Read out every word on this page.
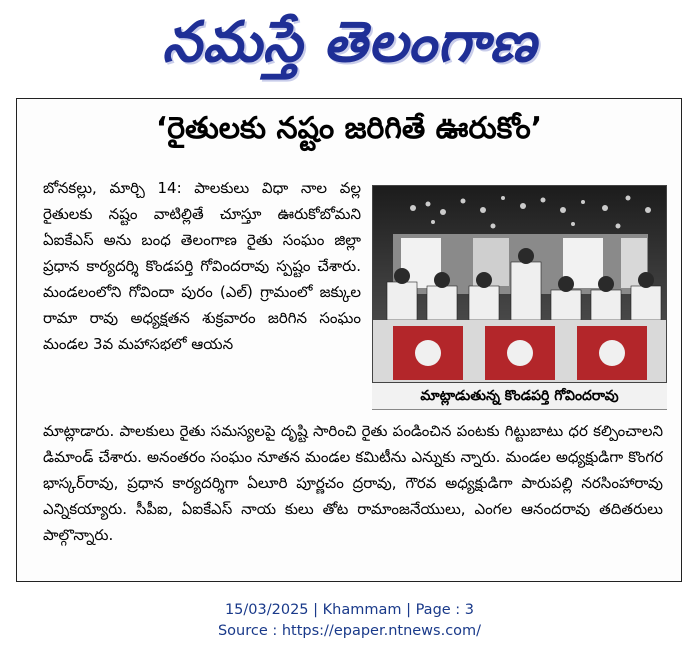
నమస్తే తెలంగాణ
‘రైతులకు నష్టం జరిగితే ఊరుకోం’
బోనకల్లు, మార్చి 14: పాలకులు విధా నాల వల్ల రైతులకు నష్టం వాటిల్లితే చూస్తూ ఊరుకోబోమని ఏఐకేఎస్ అను బంధ తెలంగాణ రైతు సంఘం జిల్లా ప్రధాన కార్యదర్శి కొండపర్తి గోవిందరావు స్పష్టం చేశారు. మండలంలోని గోవిందా పురం (ఎల్) గ్రామంలో జక్కుల రామా రావు అధ్యక్షతన శుక్రవారం జరిగిన సంఘం మండల 3వ మహాసభలో ఆయన
మాట్లాడుతున్న కొండపర్తి గోవిందరావు
మాట్లాడారు. పాలకులు రైతు సమస్యలపై దృష్టి సారించి రైతు పండించిన పంటకు గిట్టుబాటు ధర కల్పించాలని డిమాండ్ చేశారు. అనంతరం సంఘం నూతన మండల కమిటీను ఎన్నుకు న్నారు. మండల అధ్యక్షుడిగా కొంగర భాస్కర్‌రావు, ప్రధాన కార్యదర్శిగా ఏలూరి పూర్ణచం ద్రరావు, గౌరవ అధ్యక్షుడిగా పారుపల్లి నరసింహారావు ఎన్నికయ్యారు. సీపీఐ, ఏఐకేఎస్ నాయ కులు తోట రామాంజనేయులు, ఎంగల ఆనందరావు తదితరులు పాల్గొన్నారు.
15/03/2025 | Khammam | Page : 3
Source : https://epaper.ntnews.com/
